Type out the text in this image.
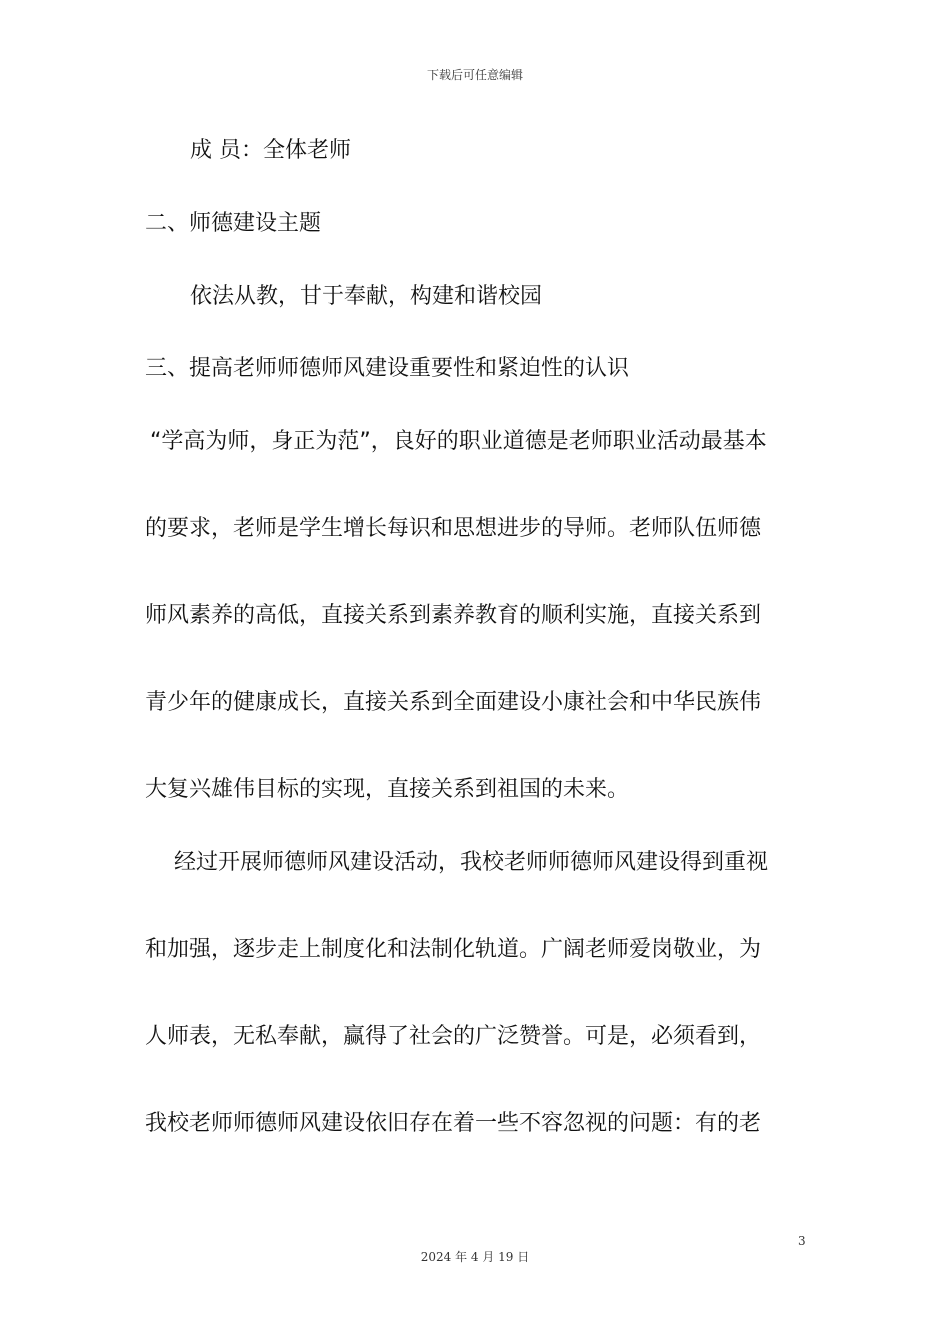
下载后可任意编辑
成 员：全体老师
二、师德建设主题
依法从教，甘于奉献，构建和谐校园
三、提高老师师德师风建设重要性和紧迫性的认识
“学高为师，身正为范”，良好的职业道德是老师职业活动最基本
的要求，老师是学生增长每识和思想进步的导师。老师队伍师德
师风素养的高低，直接关系到素养教育的顺利实施，直接关系到
青少年的健康成长，直接关系到全面建设小康社会和中华民族伟
大复兴雄伟目标的实现，直接关系到祖国的未来。
经过开展师德师风建设活动，我校老师师德师风建设得到重视
和加强，逐步走上制度化和法制化轨道。广阔老师爱岗敬业，为
人师表，无私奉献，赢得了社会的广泛赞誉。可是，必须看到，
我校老师师德师风建设依旧存在着一些不容忽视的问题：有的老
3
2024 年 4 月 19 日
